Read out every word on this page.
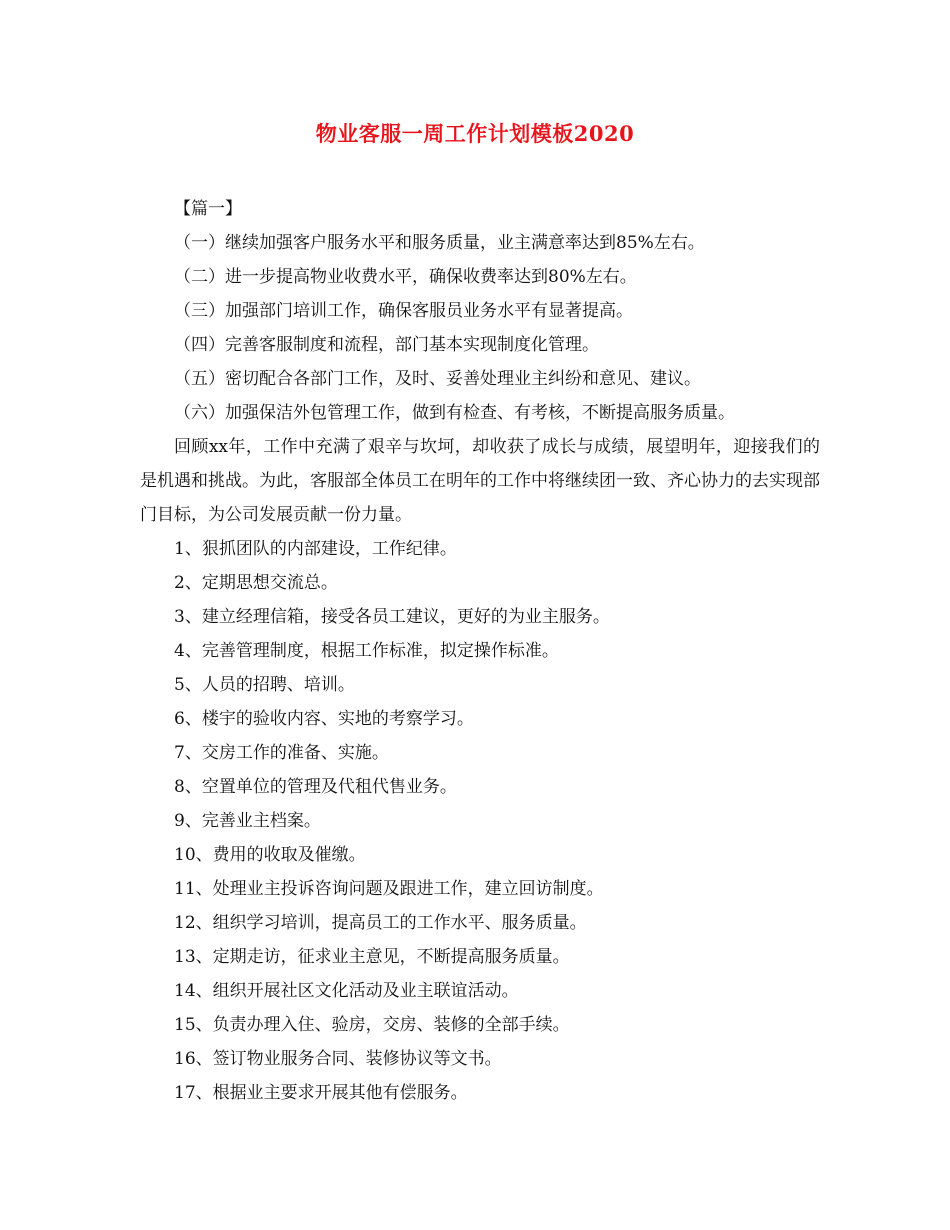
物业客服一周工作计划模板2020

【篇一】

（一）继续加强客户服务水平和服务质量，业主满意率达到85%左右。

（二）进一步提高物业收费水平，确保收费率达到80%左右。

（三）加强部门培训工作，确保客服员业务水平有显著提高。

（四）完善客服制度和流程，部门基本实现制度化管理。

（五）密切配合各部门工作，及时、妥善处理业主纠纷和意见、建议。

（六）加强保洁外包管理工作，做到有检查、有考核，不断提高服务质量。

回顾xx年，工作中充满了艰辛与坎坷，却收获了成长与成绩，展望明年，迎接我们的是机遇和挑战。为此，客服部全体员工在明年的工作中将继续团一致、齐心协力的去实现部门目标，为公司发展贡献一份力量。

1、狠抓团队的内部建设，工作纪律。

2、定期思想交流总。

3、建立经理信箱，接受各员工建议，更好的为业主服务。

4、完善管理制度，根据工作标准，拟定操作标准。

5、人员的招聘、培训。

6、楼宇的验收内容、实地的考察学习。

7、交房工作的准备、实施。

8、空置单位的管理及代租代售业务。

9、完善业主档案。

10、费用的收取及催缴。

11、处理业主投诉咨询问题及跟进工作，建立回访制度。

12、组织学习培训，提高员工的工作水平、服务质量。

13、定期走访，征求业主意见，不断提高服务质量。

14、组织开展社区文化活动及业主联谊活动。

15、负责办理入住、验房，交房、装修的全部手续。

16、签订物业服务合同、装修协议等文书。

17、根据业主要求开展其他有偿服务。
